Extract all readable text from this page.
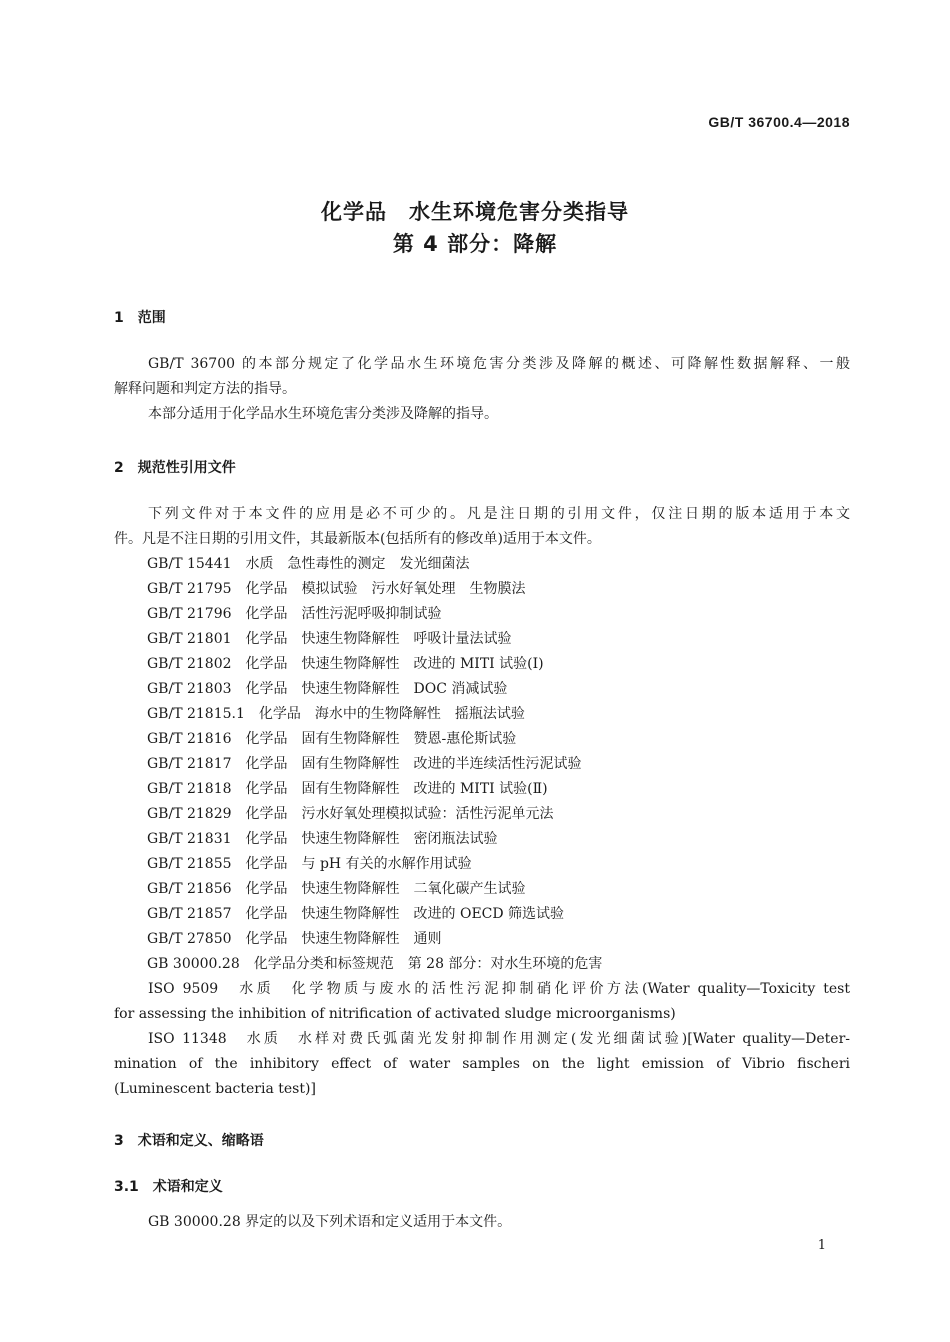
GB/T 36700.4—2018
化学品　水生环境危害分类指导
第 4 部分：降解
1　范围
GB/T 36700 的本部分规定了化学品水生环境危害分类涉及降解的概述、可降解性数据解释、一般
解释问题和判定方法的指导。
本部分适用于化学品水生环境危害分类涉及降解的指导。
2　规范性引用文件
下列文件对于本文件的应用是必不可少的。凡是注日期的引用文件，仅注日期的版本适用于本文
件。凡是不注日期的引用文件，其最新版本(包括所有的修改单)适用于本文件。
GB/T 15441　水质　急性毒性的测定　发光细菌法
GB/T 21795　化学品　模拟试验　污水好氧处理　生物膜法
GB/T 21796　化学品　活性污泥呼吸抑制试验
GB/T 21801　化学品　快速生物降解性　呼吸计量法试验
GB/T 21802　化学品　快速生物降解性　改进的 MITI 试验(Ⅰ)
GB/T 21803　化学品　快速生物降解性　DOC 消减试验
GB/T 21815.1　化学品　海水中的生物降解性　摇瓶法试验
GB/T 21816　化学品　固有生物降解性　赞恩-惠伦斯试验
GB/T 21817　化学品　固有生物降解性　改进的半连续活性污泥试验
GB/T 21818　化学品　固有生物降解性　改进的 MITI 试验(Ⅱ)
GB/T 21829　化学品　污水好氧处理模拟试验：活性污泥单元法
GB/T 21831　化学品　快速生物降解性　密闭瓶法试验
GB/T 21855　化学品　与 pH 有关的水解作用试验
GB/T 21856　化学品　快速生物降解性　二氧化碳产生试验
GB/T 21857　化学品　快速生物降解性　改进的 OECD 筛选试验
GB/T 27850　化学品　快速生物降解性　通则
GB 30000.28　化学品分类和标签规范　第 28 部分：对水生环境的危害
ISO 9509　水质　化学物质与废水的活性污泥抑制硝化评价方法(Water quality—Toxicity test
for assessing the inhibition of nitrification of activated sludge microorganisms)
ISO 11348　水质　水样对费氏弧菌光发射抑制作用测定(发光细菌试验)[Water quality—Deter-
mination of the inhibitory effect of water samples on the light emission of Vibrio fischeri
(Luminescent bacteria test)]
3　术语和定义、缩略语
3.1　术语和定义
GB 30000.28 界定的以及下列术语和定义适用于本文件。
1
